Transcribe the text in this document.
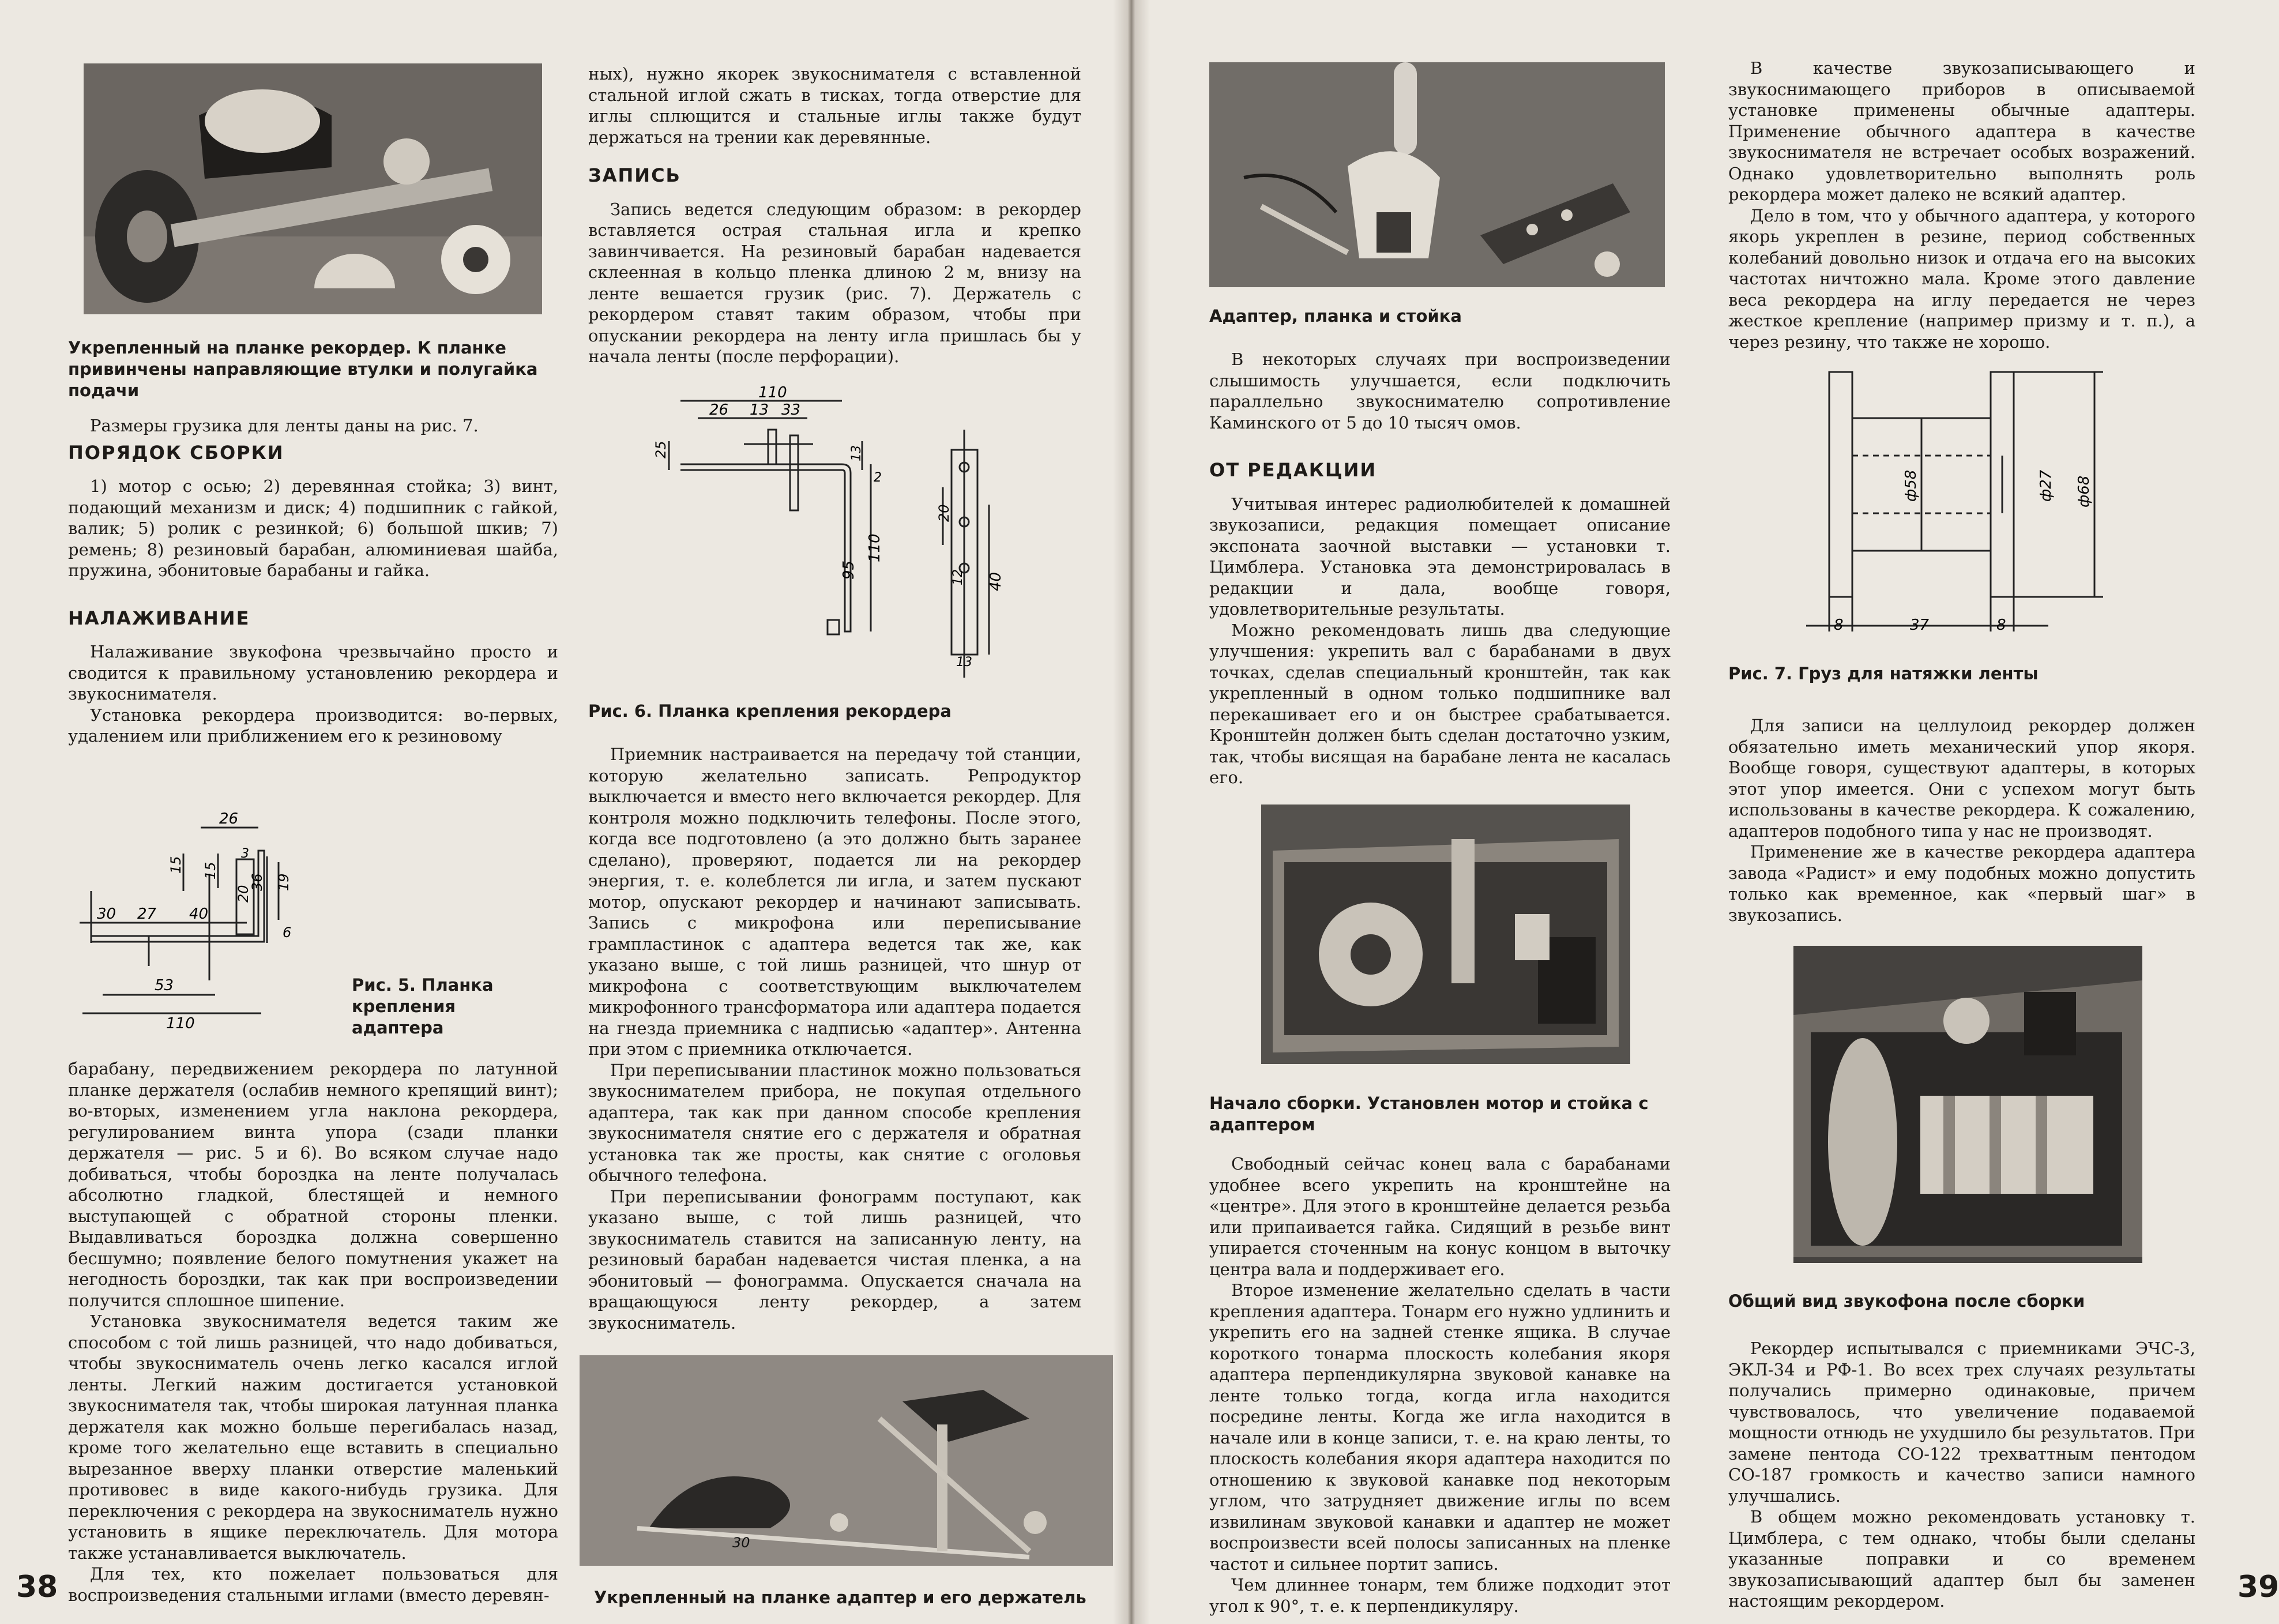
Укрепленный на планке рекордер. К планке привинчены направляющие втулки и полугайка подачи

Размеры грузика для ленты даны на рис. 7.

ПОРЯДОК СБОРКИ

1) мотор с осью; 2) деревянная стойка; 3) винт, подающий механизм и диск; 4) подшипник с гайкой, валик; 5) ролик с резинкой; 6) большой шкив; 7) ремень; 8) резиновый барабан, алюминиевая шайба, пружина, эбонитовые барабаны и гайка.

НАЛАЖИВАНИЕ

Налаживание звукофона чрезвычайно просто и сводится к правильному установлению рекордера и звукоснимателя.

Установка рекордера производится: во-первых, удалением или приближением его к резиновому

26
30 27 40
53
110
15 15
3
20
36 19
6
Рис. 5. Планка крепления адаптера

барабану, передвижением рекордера по латунной планке держателя (ослабив немного крепящий винт); во-вторых, изменением угла наклона рекордера, регулированием винта упора (сзади планки держателя — рис. 5 и 6). Во всяком случае надо добиваться, чтобы бороздка на ленте получалась абсолютно гладкой, блестящей и немного выступающей с обратной стороны пленки. Выдавливаться бороздка должна совершенно бесшумно; появление белого помутнения укажет на негодность бороздки, так как при воспроизведении получится сплошное шипение.

Установка звукоснимателя ведется таким же способом с той лишь разницей, что надо добиваться, чтобы звукосниматель очень легко касался иглой ленты. Легкий нажим достигается установкой звукоснимателя так, чтобы широкая латунная планка держателя как можно больше перегибалась назад, кроме того желательно еще вставить в специально вырезанное вверху планки отверстие маленький противовес в виде какого-нибудь грузика. Для переключения с рекордера на звукосниматель нужно установить в ящике переключатель. Для мотора также устанавливается выключатель.

Для тех, кто пожелает пользоваться для воспроизведения стальными иглами (вместо деревян-

ных), нужно якорек звукоснимателя с вставленной стальной иглой сжать в тисках, тогда отверстие для иглы сплющится и стальные иглы также будут держаться на трении как деревянные.

ЗАПИСЬ

Запись ведется следующим образом: в рекордер вставляется острая стальная игла и крепко завинчивается. На резиновый барабан надевается склеенная в кольцо пленка длиною 2 м, внизу на ленте вешается грузик (рис. 7). Держатель с рекордером ставят таким образом, чтобы при опускании рекордера на ленту игла пришлась бы у начала ленты (после перфорации).

110
26 13 33
25	13
2
20
110
95	12 40
13
Рис. 6. Планка крепления рекордера

Приемник настраивается на передачу той станции, которую желательно записать. Репродуктор выключается и вместо него включается рекордер. Для контроля можно подключить телефоны. После этого, когда все подготовлено (а это должно быть заранее сделано), проверяют, подается ли на рекордер энергия, т. е. колеблется ли игла, и затем пускают мотор, опускают рекордер и начинают записывать. Запись с микрофона или переписывание грампластинок с адаптера ведется так же, как указано выше, с той лишь разницей, что шнур от микрофона с соответствующим выключателем микрофонного трансформатора или адаптера подается на гнезда приемника с надписью «адаптер». Антенна при этом с приемника отключается.

При переписывании пластинок можно пользоваться звукоснимателем прибора, не покупая отдельного адаптера, так как при данном способе крепления звукоснимателя снятие его с держателя и обратная установка так же просты, как снятие с оголовья обычного телефона.

При переписывании фонограмм поступают, как указано выше, с той лишь разницей, что звукосниматель ставится на записанную ленту, на резиновый барабан надевается чистая пленка, а на эбонитовый — фонограмма. Опускается сначала на вращающуюся ленту рекордер, а затем звукосниматель.

30
Укрепленный на планке адаптер и его держатель
38
Адаптер, планка и стойка

В некоторых случаях при воспроизведении слышимость улучшается, если подключить параллельно звукоснимателю сопротивление Каминского от 5 до 10 тысяч омов.

ОТ РЕДАКЦИИ

Учитывая интерес радиолюбителей к домашней звукозаписи, редакция помещает описание экспоната заочной выставки — установки т. Цимблера. Установка эта демонстрировалась в редакции и дала, вообще говоря, удовлетворительные результаты.

Можно рекомендовать лишь два следующие улучшения: укрепить вал с барабанами в двух точках, сделав специальный кронштейн, так как укрепленный в одном только подшипнике вал перекашивает его и он быстрее срабатывается. Кронштейн должен быть сделан достаточно узким, так, чтобы висящая на барабане лента не касалась его.

Начало сборки. Установлен мотор и стойка с адаптером

Свободный сейчас конец вала с барабанами удобнее всего укрепить на кронштейне на «центре». Для этого в кронштейне делается резьба или припаивается гайка. Сидящий в резьбе винт упирается сточенным на конус концом в выточку центра вала и поддерживает его.

Второе изменение желательно сделать в части крепления адаптера. Тонарм его нужно удлинить и укрепить его на задней стенке ящика. В случае короткого тонарма плоскость колебания якоря адаптера перпендикулярна звуковой канавке на ленте только тогда, когда игла находится посредине ленты. Когда же игла находится в начале или в конце записи, т. е. на краю ленты, то плоскость колебания якоря адаптера находится по отношению к звуковой канавке под некоторым углом, что затрудняет движение иглы по всем извилинам звуковой канавки и адаптер не может воспроизвести всей полосы записанных на пленке частот и сильнее портит запись.

Чем длиннее тонарм, тем ближе подходит этот угол к 90°, т. е. к перпендикуляру.

В качестве звукозаписывающего и звукоснимающего приборов в описываемой установке применены обычные адаптеры. Применение обычного адаптера в качестве звукоснимателя не встречает особых возражений. Однако удовлетворительно выполнять роль рекордера может далеко не всякий адаптер.

Дело в том, что у обычного адаптера, у которого якорь укреплен в резине, период собственных колебаний довольно низок и отдача его на высоких частотах ничтожно мала. Кроме этого давление веса рекордера на иглу передается не через жесткое крепление (например призму и т. п.), а через резину, что также не хорошо.

ф58	ф27 ф68
8	37	8
Рис. 7. Груз для натяжки ленты

Для записи на целлулоид рекордер должен обязательно иметь механический упор якоря. Вообще говоря, существуют адаптеры, в которых этот упор имеется. Они с успехом могут быть использованы в качестве рекордера. К сожалению, адаптеров подобного типа у нас не производят.

Применение же в качестве рекордера адаптера завода «Радист» и ему подобных можно допустить только как временное, как «первый шаг» в звукозапись.

Общий вид звукофона после сборки

Рекордер испытывался с приемниками ЭЧС-3, ЭКЛ-34 и РФ-1. Во всех трех случаях результаты получались примерно одинаковые, причем чувствовалось, что увеличение подаваемой мощности отнюдь не ухудшило бы результатов. При замене пентода СО-122 трехваттным пентодом СО-187 громкость и качество записи намного улучшались.

В общем можно рекомендовать установку т. Цимблера, с тем однако, чтобы были сделаны указанные поправки и со временем звукозаписывающий адаптер был бы заменен настоящим рекордером.	39
